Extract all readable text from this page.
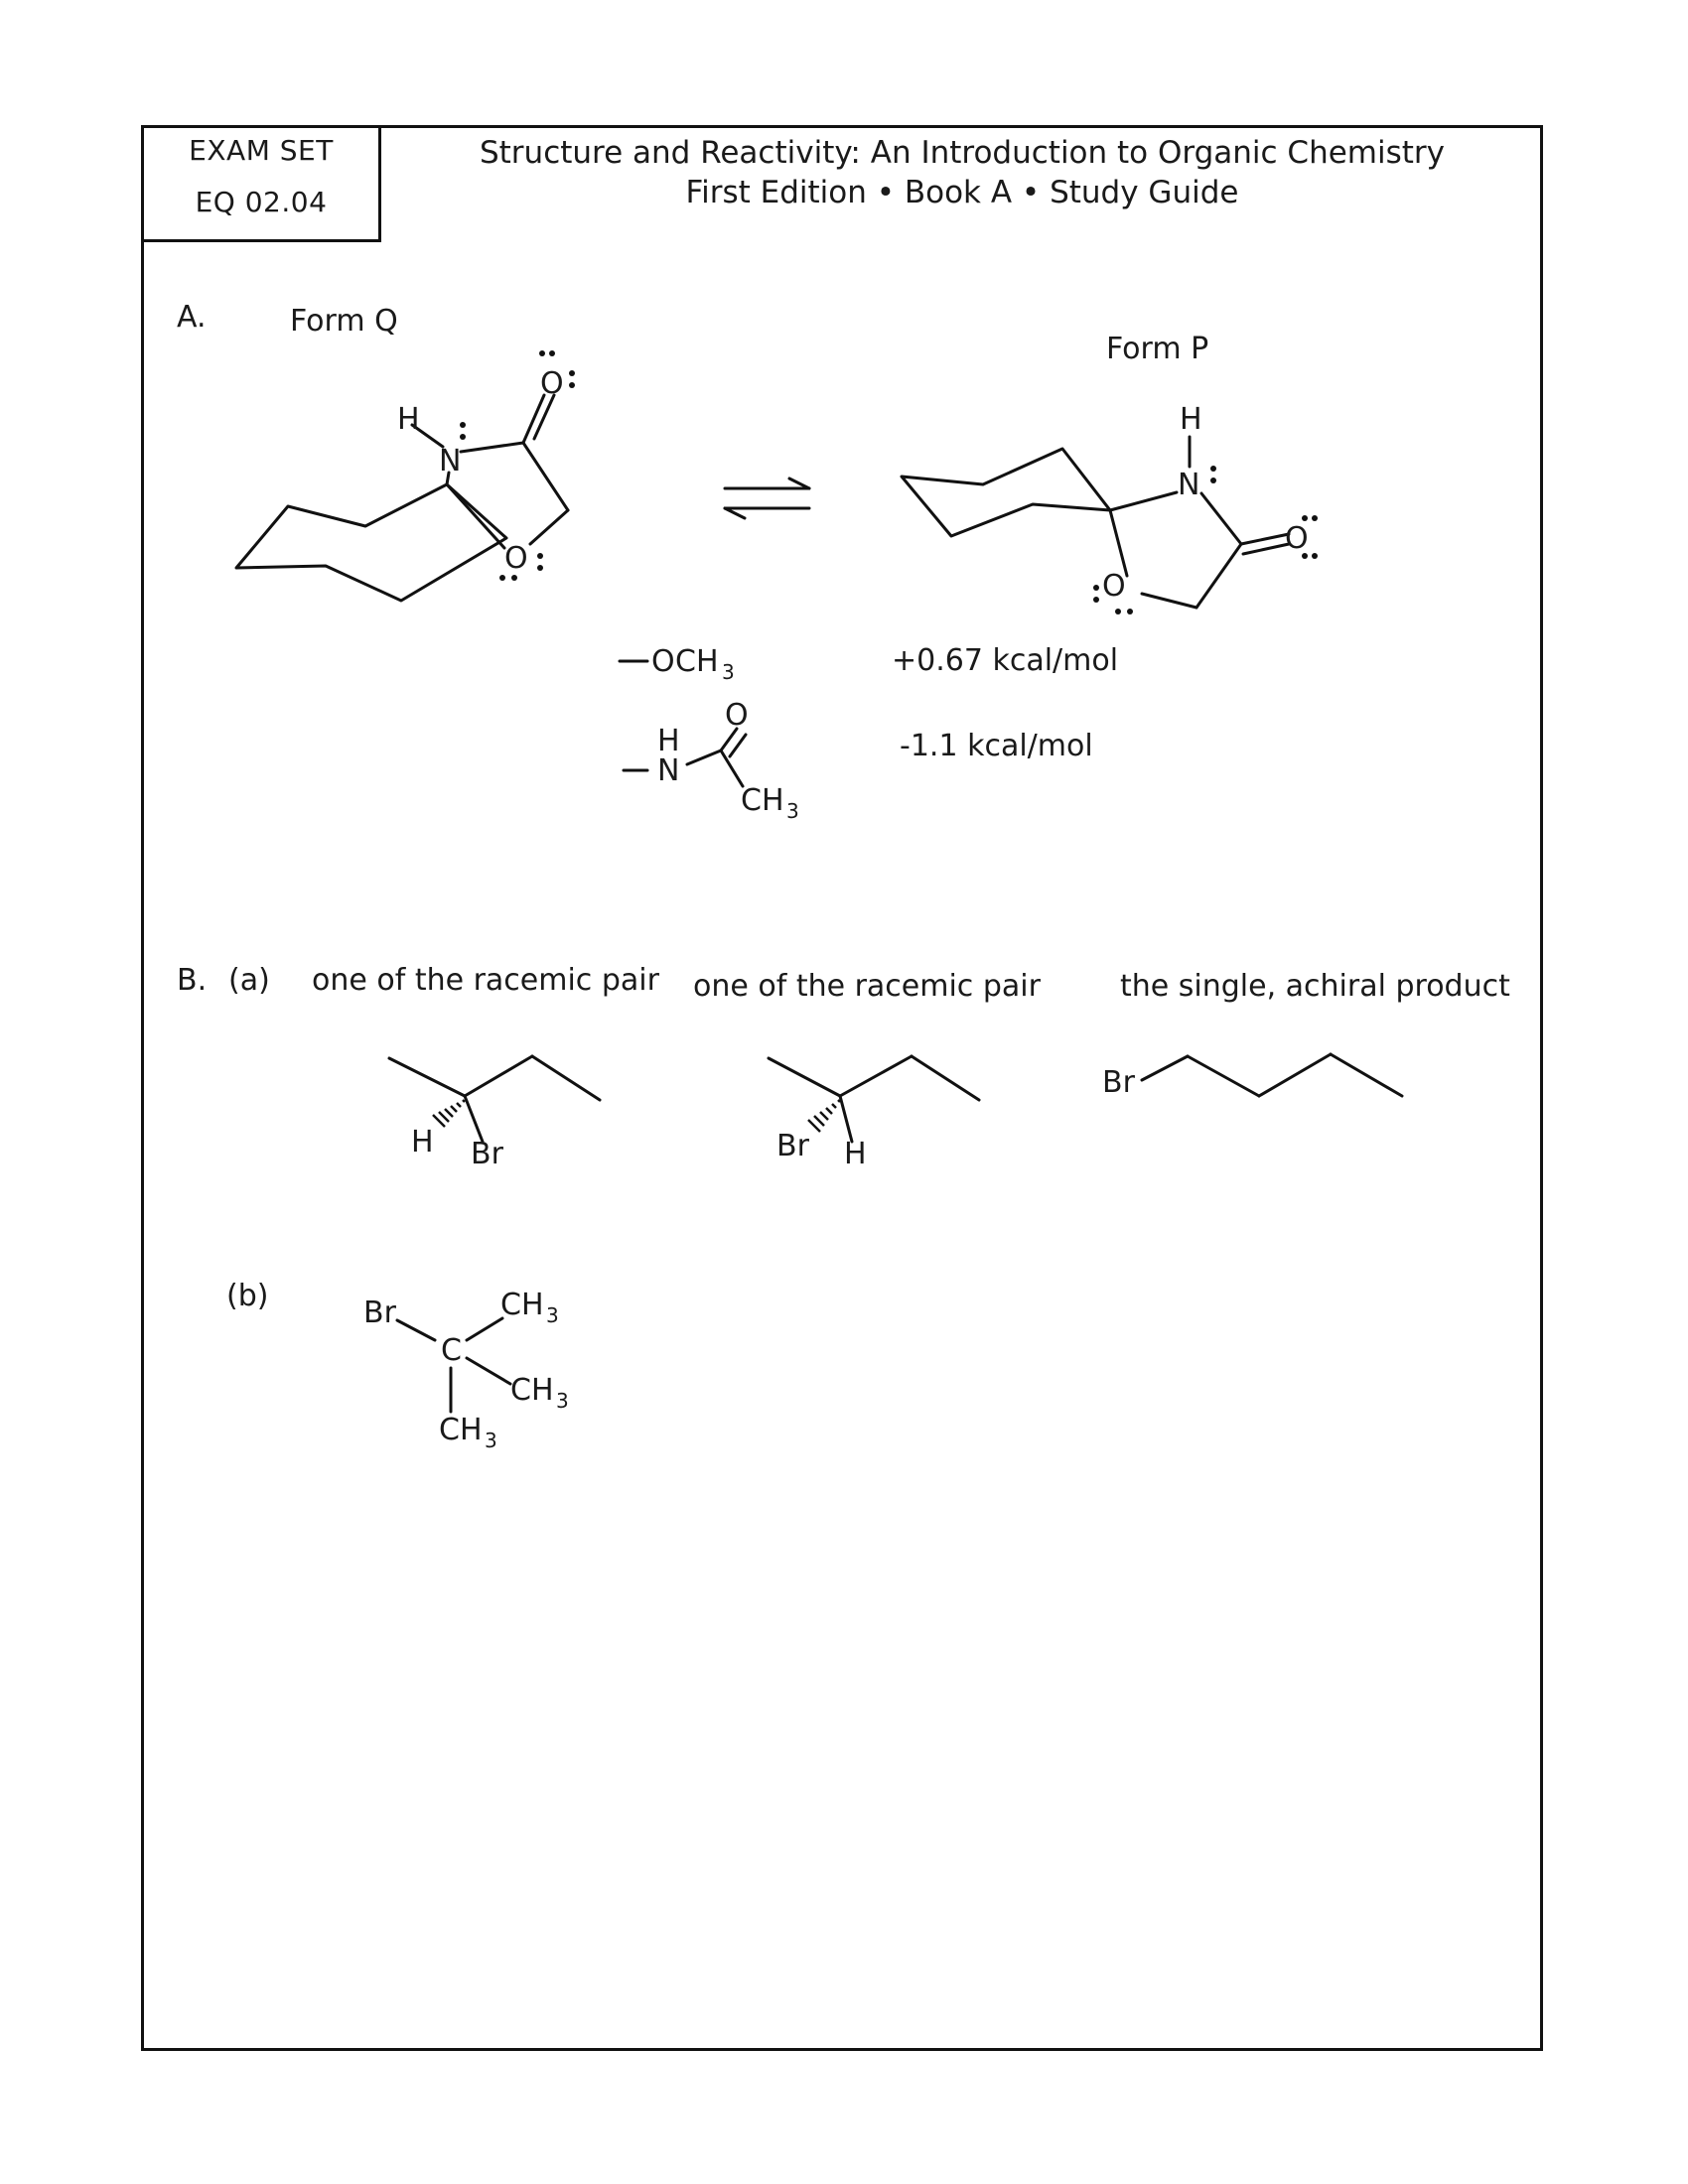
EXAM SET
EQ 02.04
Structure and Reactivity: An Introduction to Organic Chemistry
First Edition • Book A • Study Guide
A.	Form Q
Form P
+0.67 kcal/mol
-1.1 kcal/mol
B. (a) one of the racemic pair one of the racemic pair	the single, achiral product
(b)
O
H
N
O
H
N
O
O
O CH 3
H
N
O
CH 3
H Br	Br H
Br
Br
C
CH 3
CH 3
CH 3
